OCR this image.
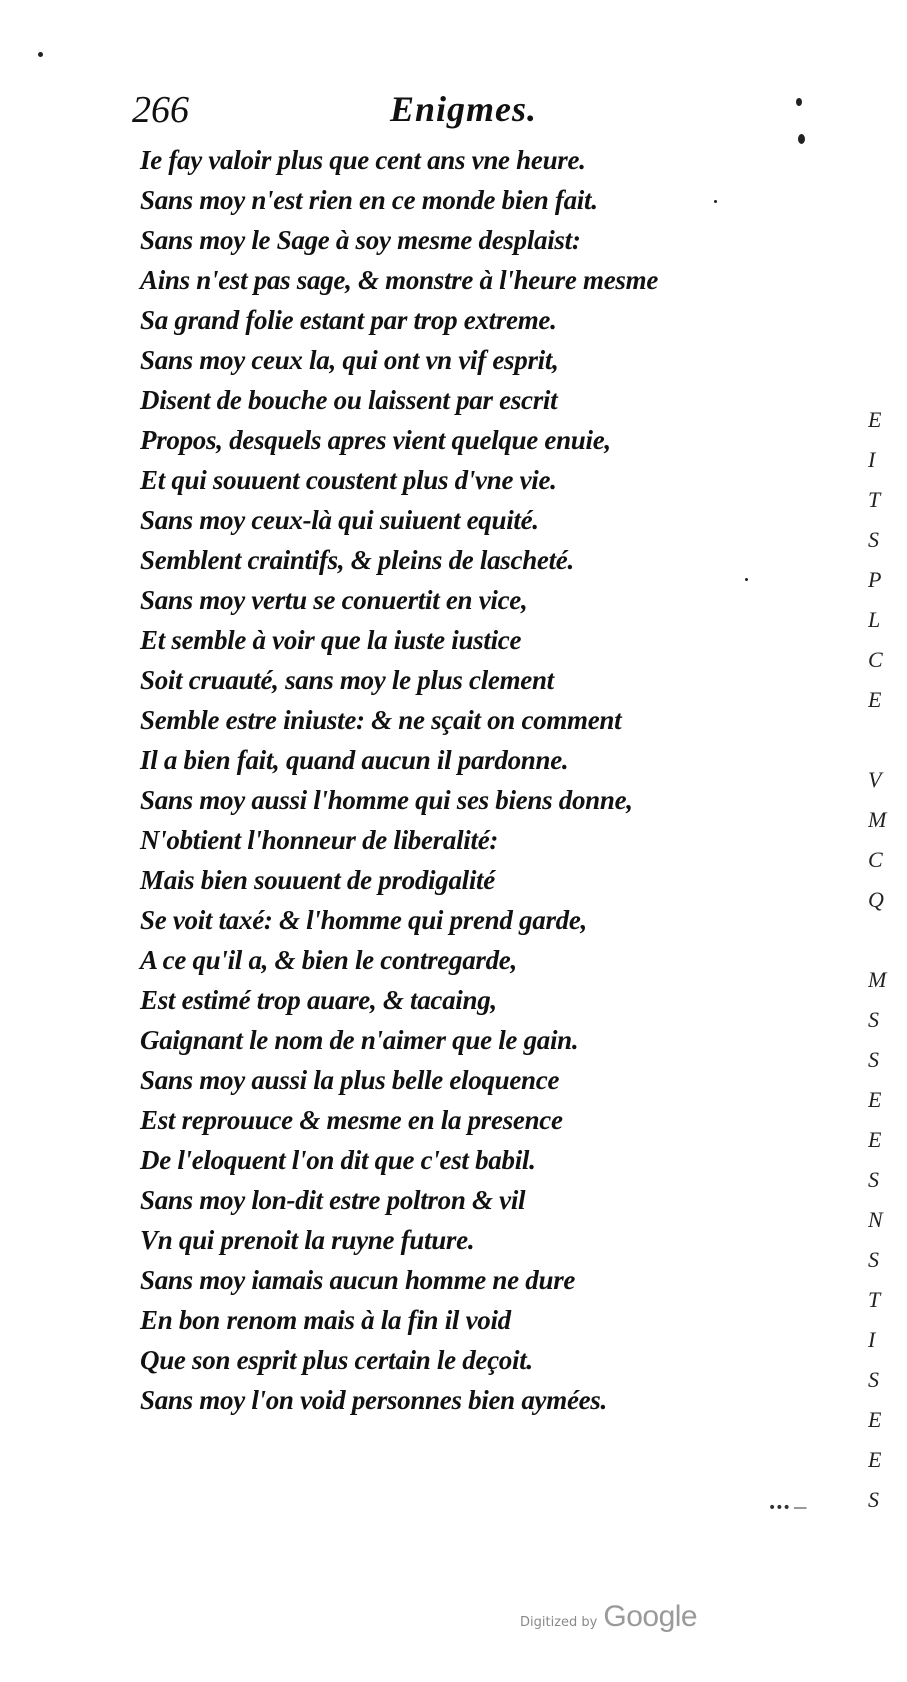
266	Enigmes.
Ie fay valoir plus que cent ans vne heure.
Sans moy n'est rien en ce monde bien fait.
Sans moy le Sage à soy mesme desplaist:
Ains n'est pas sage, & monstre à l'heure mesme
Sa grand folie estant par trop extreme.
Sans moy ceux la, qui ont vn vif esprit,
Disent de bouche ou laissent par escrit
Propos, desquels apres vient quelque enuie,
Et qui souuent coustent plus d'vne vie.
Sans moy ceux-là qui suiuent equité.
Semblent craintifs, & pleins de lascheté.
Sans moy vertu se conuertit en vice,
Et semble à voir que la iuste iustice
Soit cruauté, sans moy le plus clement
Semble estre iniuste: & ne sçait on comment
Il a bien fait, quand aucun il pardonne.
Sans moy aussi l'homme qui ses biens donne,
N'obtient l'honneur de liberalité:
Mais bien souuent de prodigalité
Se voit taxé: & l'homme qui prend garde,
A ce qu'il a, & bien le contregarde,
Est estimé trop auare, & tacaing,
Gaignant le nom de n'aimer que le gain.
Sans moy aussi la plus belle eloquence
Est reprouuce & mesme en la presence
De l'eloquent l'on dit que c'est babil.
Sans moy lon-dit estre poltron & vil
Vn qui prenoit la ruyne future.
Sans moy iamais aucun homme ne dure
En bon renom mais à la fin il void
Que son esprit plus certain le deçoit.
Sans moy l'on void personnes bien aymées.
E
I
T
S
P
L
C
E
V
M
C
Q
M
S
S
E
E
S
N
S
T
I
S
E
E
S
••• —
Digitized by Google
